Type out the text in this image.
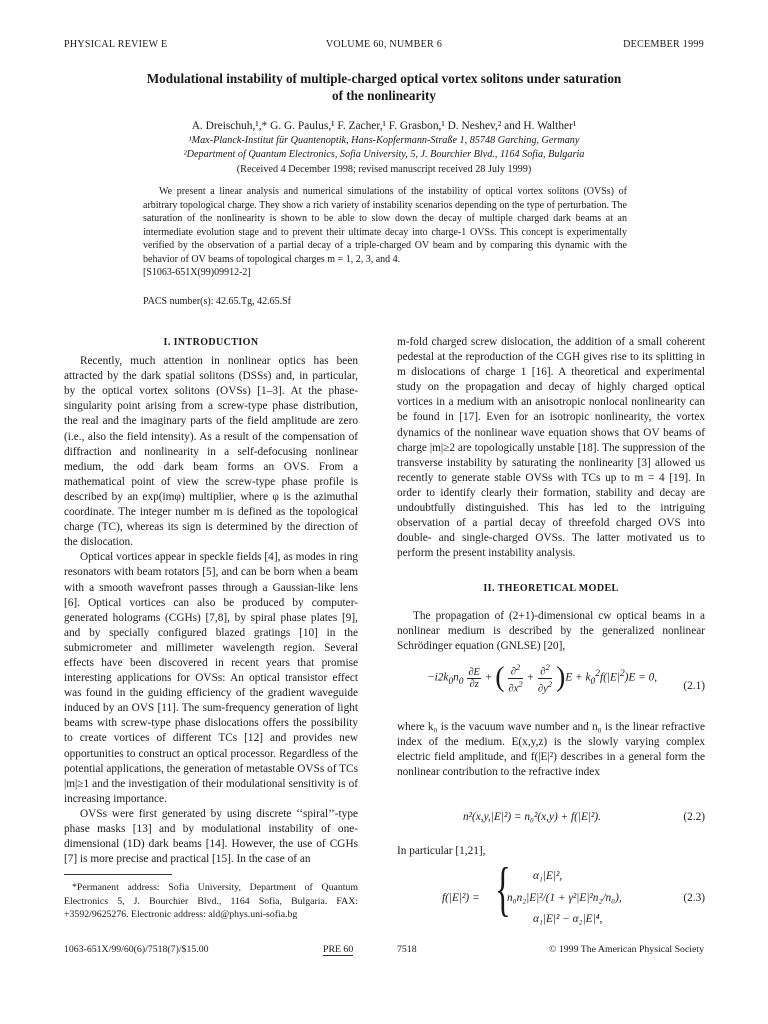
PHYSICAL REVIEW E	VOLUME 60, NUMBER 6	DECEMBER 1999
Modulational instability of multiple-charged optical vortex solitons under saturation
of the nonlinearity
A. Dreischuh,¹,* G. G. Paulus,¹ F. Zacher,¹ F. Grasbon,¹ D. Neshev,² and H. Walther¹
¹Max-Planck-Institut für Quantenoptik, Hans-Kopfermann-Straße 1, 85748 Garching, Germany
²Department of Quantum Electronics, Sofia University, 5, J. Bourchier Blvd., 1164 Sofia, Bulgaria
(Received 4 December 1998; revised manuscript received 28 July 1999)
We present a linear analysis and numerical simulations of the instability of optical vortex solitons (OVSs) of arbitrary topological charge. They show a rich variety of instability scenarios depending on the type of perturbation. The saturation of the nonlinearity is shown to be able to slow down the decay of multiple charged dark beams at an intermediate evolution stage and to prevent their ultimate decay into charge-1 OVSs. This concept is experimentally verified by the observation of a partial decay of a triple-charged OV beam and by comparing this dynamic with the behavior of OV beams of topological charges m = 1, 2, 3, and 4.
[S1063-651X(99)09912-2]
PACS number(s): 42.65.Tg, 42.65.Sf
I. INTRODUCTION

Recently, much attention in nonlinear optics has been attracted by the dark spatial solitons (DSSs) and, in particular, by the optical vortex solitons (OVSs) [1–3]. At the phase-singularity point arising from a screw-type phase distribution, the real and the imaginary parts of the field amplitude are zero (i.e., also the field intensity). As a result of the compensation of diffraction and nonlinearity in a self-defocusing nonlinear medium, the odd dark beam forms an OVS. From a mathematical point of view the screw-type phase profile is described by an exp(imφ) multiplier, where φ is the azimuthal coordinate. The integer number m is defined as the topological charge (TC), whereas its sign is determined by the direction of the dislocation.

Optical vortices appear in speckle fields [4], as modes in ring resonators with beam rotators [5], and can be born when a beam with a smooth wavefront passes through a Gaussian-like lens [6]. Optical vortices can also be produced by computer-generated holograms (CGHs) [7,8], by spiral phase plates [9], and by specially configured blazed gratings [10] in the submicrometer and millimeter wavelength region. Several effects have been discovered in recent years that promise interesting applications for OVSs: An optical transistor effect was found in the guiding efficiency of the gradient waveguide induced by an OVS [11]. The sum-frequency generation of light beams with screw-type phase dislocations offers the possibility to create vortices of different TCs [12] and provides new opportunities to construct an optical processor. Regardless of the potential applications, the generation of metastable OVSs of TCs |m|≥1 and the investigation of their modulational sensitivity is of increasing importance.

OVSs were first generated by using discrete ‘‘spiral’’-type phase masks [13] and by modulational instability of one-dimensional (1D) dark beams [14]. However, the use of CGHs [7] is more precise and practical [15]. In the case of an

m-fold charged screw dislocation, the addition of a small coherent pedestal at the reproduction of the CGH gives rise to its splitting in m dislocations of charge 1 [16]. A theoretical and experimental study on the propagation and decay of highly charged optical vortices in a medium with an anisotropic nonlocal nonlinearity can be found in [17]. Even for an isotropic nonlinearity, the vortex dynamics of the nonlinear wave equation shows that OV beams of charge |m|≥2 are topologically unstable [18]. The suppression of the transverse instability by saturating the nonlinearity [3] allowed us recently to generate stable OVSs with TCs up to m = 4 [19]. In order to identify clearly their formation, stability and decay are undoubtfully distinguished. This has led to the intriguing observation of a partial decay of threefold charged OVS into double- and single-charged OVSs. The latter motivated us to perform the present instability analysis.

II. THEORETICAL MODEL

The propagation of (2+1)-dimensional cw optical beams in a nonlinear medium is described by the generalized nonlinear Schrödinger equation (GNLSE) [20],

$-i2k_0n_0 \frac{\partial E}{\partial z}$ + ( $\frac{\partial^2}{\partial x^2} + \frac{\partial^2}{\partial y^2} )E + k_0^2f(|E|^2)E = 0$,
(2.1)

where k₀ is the vacuum wave number and n₀ is the linear refractive index of the medium. E(x,y,z) is the slowly varying complex electric field amplitude, and f(|E|²) describes in a general form the nonlinear contribution to the refractive index

n²(x,y,|E|²) = n₀²(x,y) + f(|E|²).	(2.2)

In particular [1,21],

f(|E|²) = { α₁|E|²,
n₀n₂|E|²/(1 + γ²|E|²n₂/n₀),
α₁|E|² − α₂|E|⁴,
(2.3)
*Permanent address: Sofia University, Department of Quantum Electronics 5, J. Bourchier Blvd., 1164 Sofia, Bulgaria. FAX: +3592/9625276. Electronic address: ald@phys.uni-sofia.bg
1063-651X/99/60(6)/7518(7)/$15.00	PRE 60	7518	© 1999 The American Physical Society
